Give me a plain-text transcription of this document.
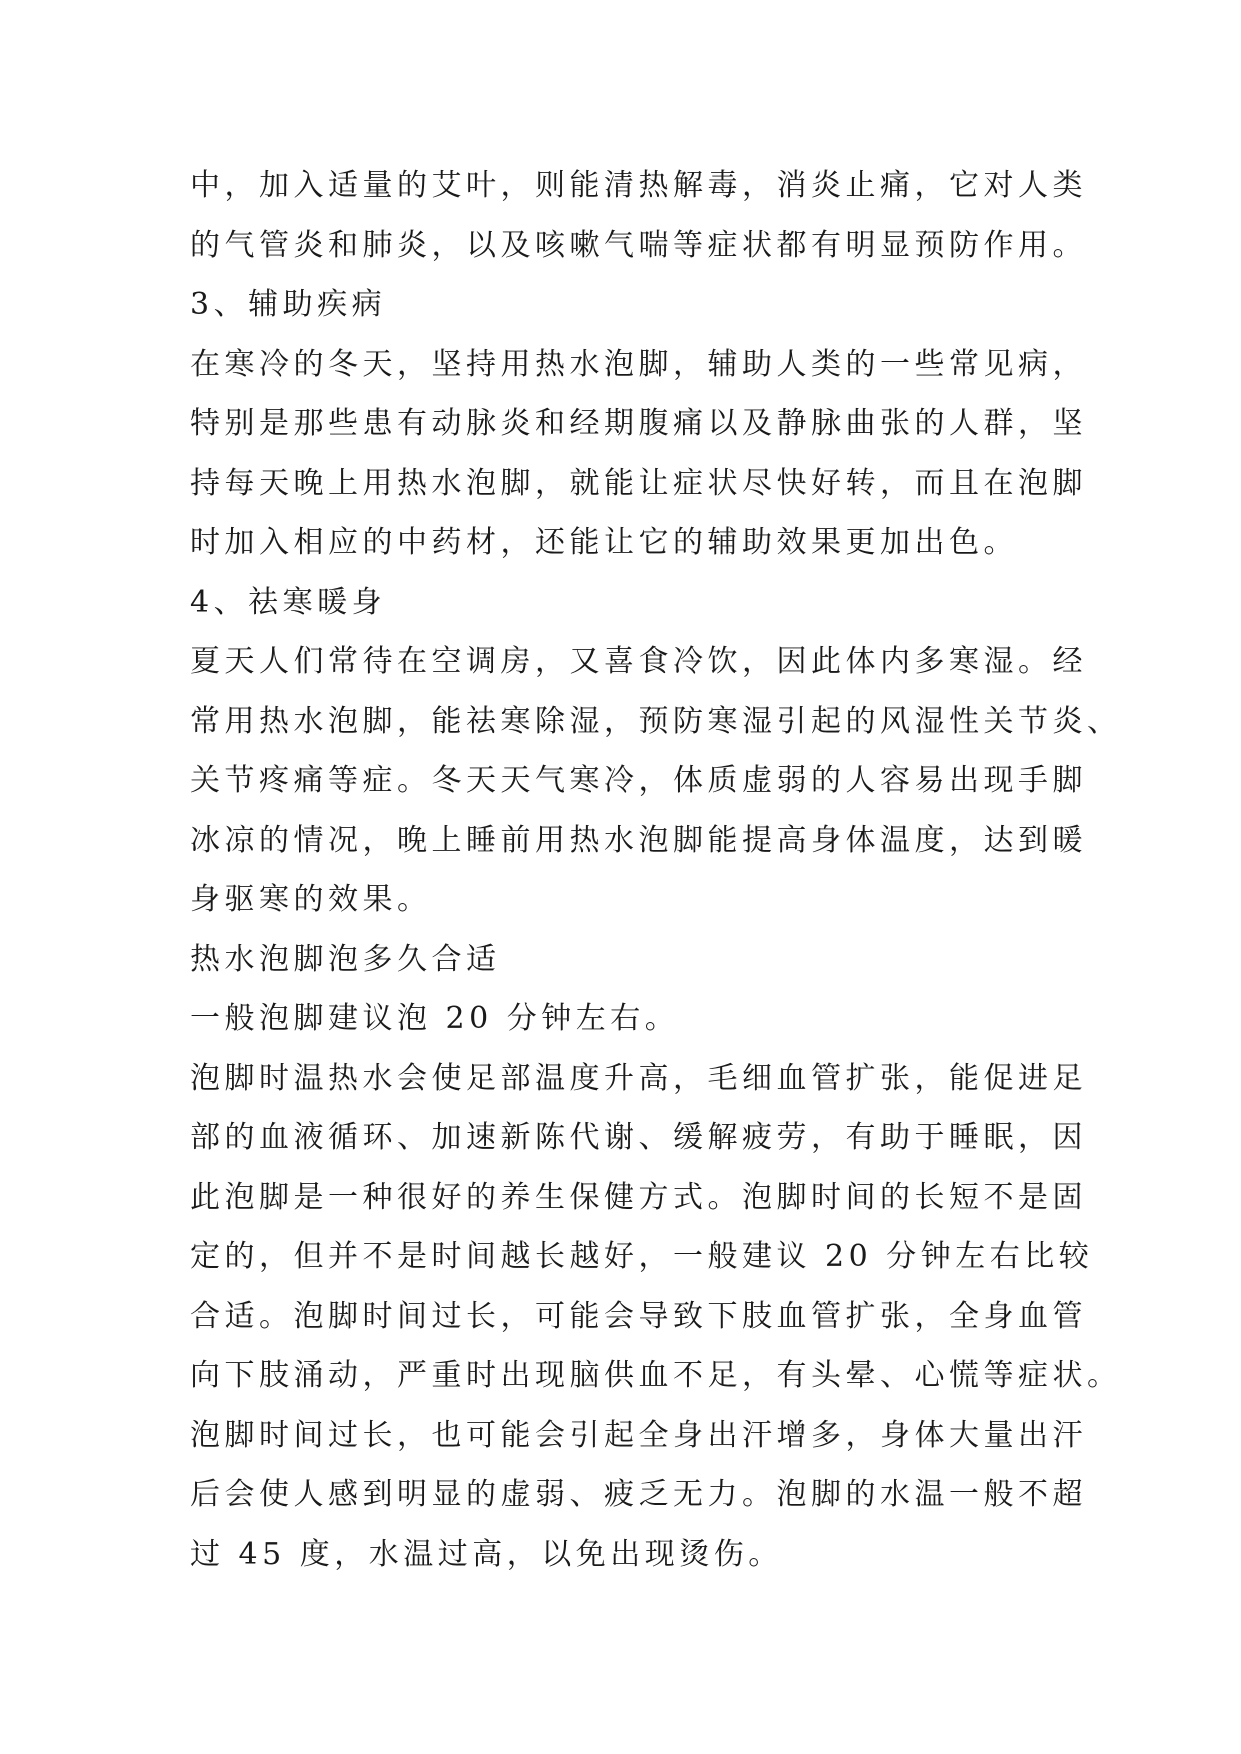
中，加入适量的艾叶，则能清热解毒，消炎止痛，它对人类
的气管炎和肺炎，以及咳嗽气喘等症状都有明显预防作用。
3、辅助疾病
在寒冷的冬天，坚持用热水泡脚，辅助人类的一些常见病，
特别是那些患有动脉炎和经期腹痛以及静脉曲张的人群，坚
持每天晚上用热水泡脚，就能让症状尽快好转，而且在泡脚
时加入相应的中药材，还能让它的辅助效果更加出色。
4、祛寒暖身
夏天人们常待在空调房，又喜食冷饮，因此体内多寒湿。经
常用热水泡脚，能祛寒除湿，预防寒湿引起的风湿性关节炎、
关节疼痛等症。冬天天气寒冷，体质虚弱的人容易出现手脚
冰凉的情况，晚上睡前用热水泡脚能提高身体温度，达到暖
身驱寒的效果。
热水泡脚泡多久合适
一般泡脚建议泡 20 分钟左右。
泡脚时温热水会使足部温度升高，毛细血管扩张，能促进足
部的血液循环、加速新陈代谢、缓解疲劳，有助于睡眠，因
此泡脚是一种很好的养生保健方式。泡脚时间的长短不是固
定的，但并不是时间越长越好，一般建议 20 分钟左右比较
合适。泡脚时间过长，可能会导致下肢血管扩张，全身血管
向下肢涌动，严重时出现脑供血不足，有头晕、心慌等症状。
泡脚时间过长，也可能会引起全身出汗增多，身体大量出汗
后会使人感到明显的虚弱、疲乏无力。泡脚的水温一般不超
过 45 度，水温过高，以免出现烫伤。
